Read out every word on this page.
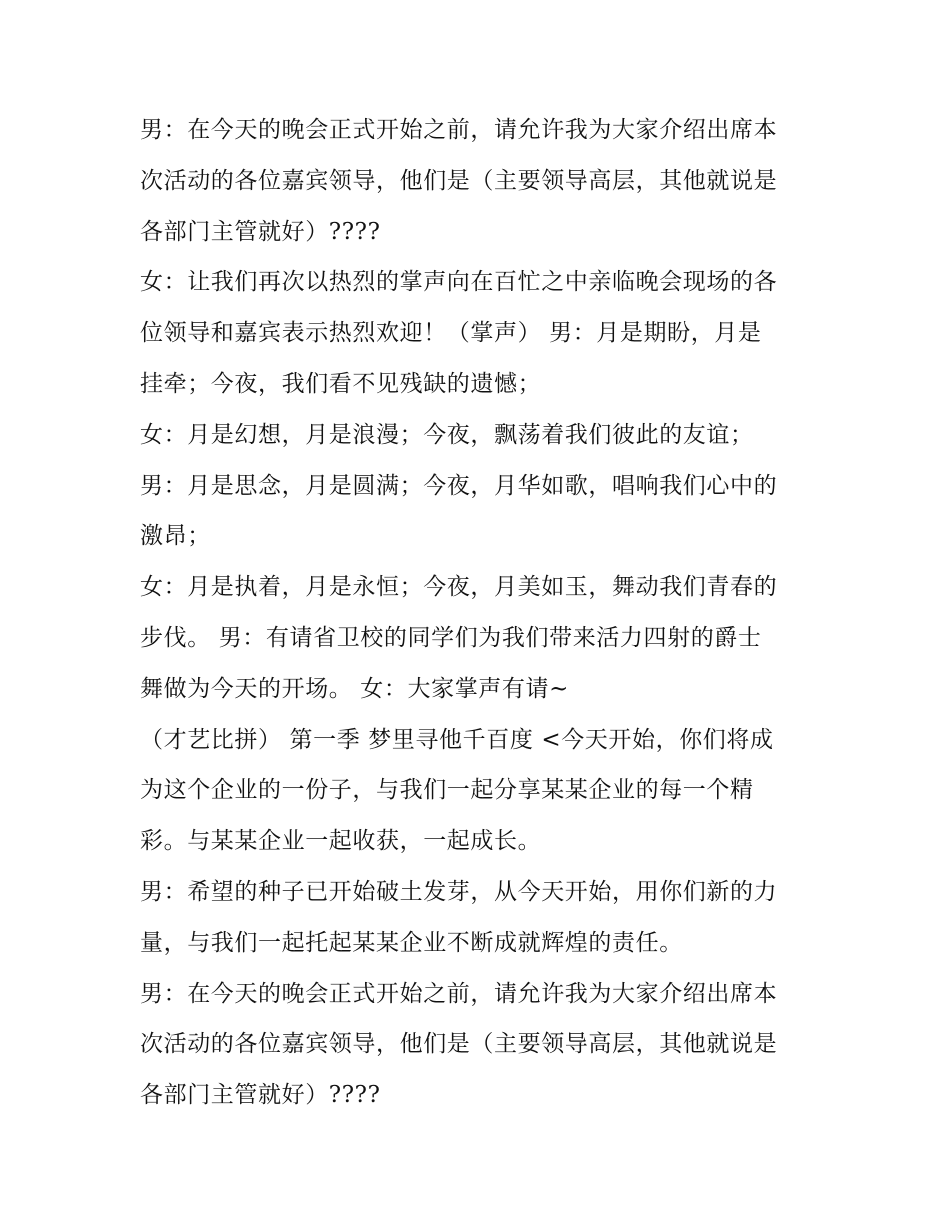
男：在今天的晚会正式开始之前，请允许我为大家介绍出席本
次活动的各位嘉宾领导，他们是（主要领导高层，其他就说是
各部门主管就好）????
女：让我们再次以热烈的掌声向在百忙之中亲临晚会现场的各
位领导和嘉宾表示热烈欢迎！（掌声） 男：月是期盼，月是
挂牵；今夜，我们看不见残缺的遗憾；
女：月是幻想，月是浪漫；今夜，飘荡着我们彼此的友谊；
男：月是思念，月是圆满；今夜，月华如歌，唱响我们心中的
激昂；
女：月是执着，月是永恒；今夜，月美如玉，舞动我们青春的
步伐。 男：有请省卫校的同学们为我们带来活力四射的爵士
舞做为今天的开场。 女：大家掌声有请~
（才艺比拼） 第一季 梦里寻他千百度 <今天开始，你们将成
为这个企业的一份子，与我们一起分享某某企业的每一个精
彩。与某某企业一起收获，一起成长。
男：希望的种子已开始破土发芽，从今天开始，用你们新的力
量，与我们一起托起某某企业不断成就辉煌的责任。
男：在今天的晚会正式开始之前，请允许我为大家介绍出席本
次活动的各位嘉宾领导，他们是（主要领导高层，其他就说是
各部门主管就好）????
